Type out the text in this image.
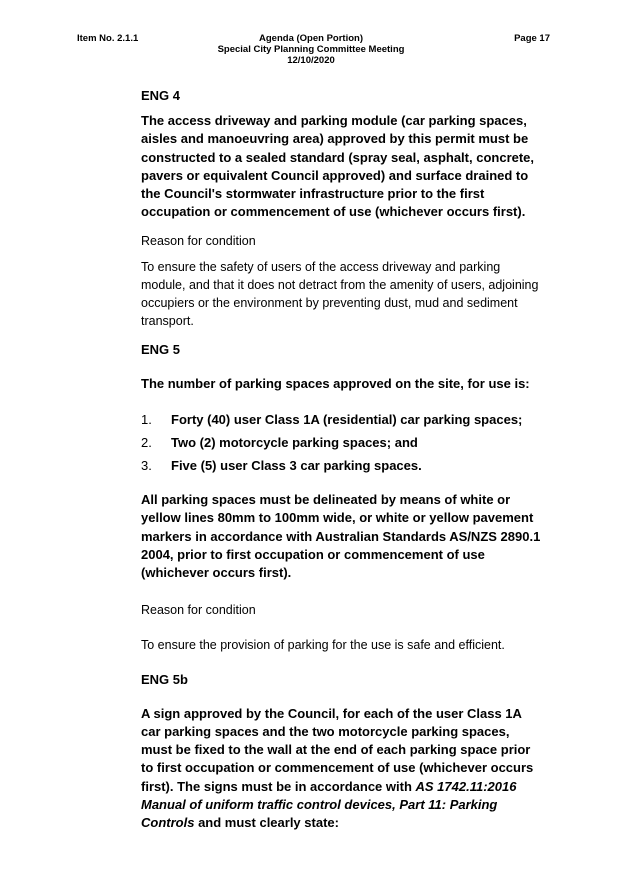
Item No. 2.1.1	Agenda (Open Portion)
Special City Planning Committee Meeting
12/10/2020
Page 17

ENG 4

The access driveway and parking module (car parking spaces, aisles and manoeuvring area) approved by this permit must be constructed to a sealed standard (spray seal, asphalt, concrete, pavers or equivalent Council approved) and surface drained to the Council's stormwater infrastructure prior to the first occupation or commencement of use (whichever occurs first).

Reason for condition

To ensure the safety of users of the access driveway and parking module, and that it does not detract from the amenity of users, adjoining occupiers or the environment by preventing dust, mud and sediment transport.

ENG 5

The number of parking spaces approved on the site, for use is:

1. Forty (40) user Class 1A (residential) car parking spaces;
2. Two (2) motorcycle parking spaces; and
3. Five (5) user Class 3 car parking spaces.

All parking spaces must be delineated by means of white or yellow lines 80mm to 100mm wide, or white or yellow pavement markers in accordance with Australian Standards AS/NZS 2890.1 2004, prior to first occupation or commencement of use (whichever occurs first).

Reason for condition

To ensure the provision of parking for the use is safe and efficient.

ENG 5b

A sign approved by the Council, for each of the user Class 1A car parking spaces and the two motorcycle parking spaces, must be fixed to the wall at the end of each parking space prior to first occupation or commencement of use (whichever occurs first). The signs must be in accordance with AS 1742.11:2016 Manual of uniform traffic control devices, Part 11: Parking Controls and must clearly state:
